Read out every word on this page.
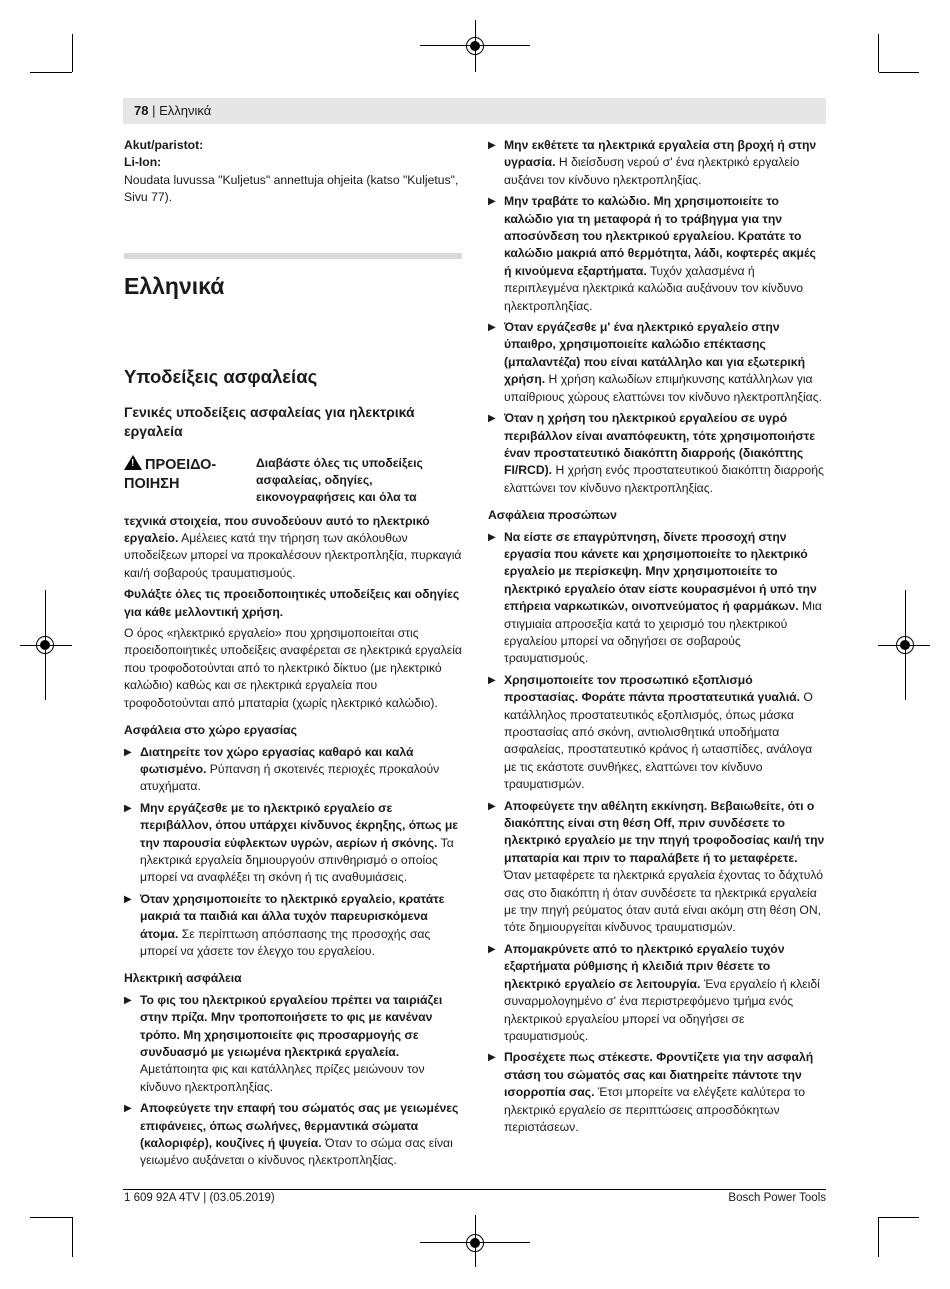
78 | Ελληνικά
Akut/paristot:
Li-Ion:
Noudata luvussa "Kuljetus" annettuja ohjeita (katso "Kuljetus", Sivu 77).
Ελληνικά
Υποδείξεις ασφαλείας
Γενικές υποδείξεις ασφαλείας για ηλεκτρικά εργαλεία
! ΠΡΟΕΙΔΟ-ΠΟΙΗΣΗ
Διαβάστε όλες τις υποδείξεις ασφαλείας, οδηγίες, εικονογραφήσεις και όλα τα
τεχνικά στοιχεία, που συνοδεύουν αυτό το ηλεκτρικό εργαλείο. Αμέλειες κατά την τήρηση των ακόλουθων υποδείξεων μπορεί να προκαλέσουν ηλεκτροπληξία, πυρκαγιά και/ή σοβαρούς τραυματισμούς.
Φυλάξτε όλες τις προειδοποιητικές υποδείξεις και οδηγίες για κάθε μελλοντική χρήση.
Ο όρος «ηλεκτρικό εργαλείο» που χρησιμοποιείται στις προειδοποιητικές υποδείξεις αναφέρεται σε ηλεκτρικά εργαλεία που τροφοδοτούνται από το ηλεκτρικό δίκτυο (με ηλεκτρικό καλώδιο) καθώς και σε ηλεκτρικά εργαλεία που τροφοδοτούνται από μπαταρία (χωρίς ηλεκτρικό καλώδιο).
Ασφάλεια στο χώρο εργασίας
▶ Διατηρείτε τον χώρο εργασίας καθαρό και καλά φωτισμένο. Ρύπανση ή σκοτεινές περιοχές προκαλούν ατυχήματα.
▶ Μην εργάζεσθε με το ηλεκτρικό εργαλείο σε περιβάλλον, όπου υπάρχει κίνδυνος έκρηξης, όπως με την παρουσία εύφλεκτων υγρών, αερίων ή σκόνης. Τα ηλεκτρικά εργαλεία δημιουργούν σπινθηρισμό ο οποίος μπορεί να αναφλέξει τη σκόνη ή τις αναθυμιάσεις.
▶ Όταν χρησιμοποιείτε το ηλεκτρικό εργαλείο, κρατάτε μακριά τα παιδιά και άλλα τυχόν παρευρισκόμενα άτομα. Σε περίπτωση απόσπασης της προσοχής σας μπορεί να χάσετε τον έλεγχο του εργαλείου.
Ηλεκτρική ασφάλεια
▶ Το φις του ηλεκτρικού εργαλείου πρέπει να ταιριάζει στην πρίζα. Μην τροποποιήσετε το φις με κανέναν τρόπο. Μη χρησιμοποιείτε φις προσαρμογής σε συνδυασμό με γειωμένα ηλεκτρικά εργαλεία. Αμετάποιητα φις και κατάλληλες πρίζες μειώνουν τον κίνδυνο ηλεκτροπληξίας.
▶ Αποφεύγετε την επαφή του σώματός σας με γειωμένες επιφάνειες, όπως σωλήνες, θερμαντικά σώματα (καλοριφέρ), κουζίνες ή ψυγεία. Όταν το σώμα σας είναι γειωμένο αυξάνεται ο κίνδυνος ηλεκτροπληξίας.
▶ Μην εκθέτετε τα ηλεκτρικά εργαλεία στη βροχή ή στην υγρασία. Η διείσδυση νερού σ' ένα ηλεκτρικό εργαλείο αυξάνει τον κίνδυνο ηλεκτροπληξίας.
▶ Μην τραβάτε το καλώδιο. Μη χρησιμοποιείτε το καλώδιο για τη μεταφορά ή το τράβηγμα για την αποσύνδεση του ηλεκτρικού εργαλείου. Κρατάτε το καλώδιο μακριά από θερμότητα, λάδι, κοφτερές ακμές ή κινούμενα εξαρτήματα. Τυχόν χαλασμένα ή περιπλεγμένα ηλεκτρικά καλώδια αυξάνουν τον κίνδυνο ηλεκτροπληξίας.
▶ Όταν εργάζεσθε μ' ένα ηλεκτρικό εργαλείο στην ύπαιθρο, χρησιμοποιείτε καλώδιο επέκτασης (μπαλαντέζα) που είναι κατάλληλο και για εξωτερική χρήση. Η χρήση καλωδίων επιμήκυνσης κατάλληλων για υπαίθριους χώρους ελαττώνει τον κίνδυνο ηλεκτροπληξίας.
▶ Όταν η χρήση του ηλεκτρικού εργαλείου σε υγρό περιβάλλον είναι αναπόφευκτη, τότε χρησιμοποιήστε έναν προστατευτικό διακόπτη διαρροής (διακόπτης FI/RCD). Η χρήση ενός προστατευτικού διακόπτη διαρροής ελαττώνει τον κίνδυνο ηλεκτροπληξίας.
Ασφάλεια προσώπων
▶ Να είστε σε επαγρύπνηση, δίνετε προσοχή στην εργασία που κάνετε και χρησιμοποιείτε το ηλεκτρικό εργαλείο με περίσκεψη. Μην χρησιμοποιείτε το ηλεκτρικό εργαλείο όταν είστε κουρασμένοι ή υπό την επήρεια ναρκωτικών, οινοπνεύματος ή φαρμάκων. Μια στιγμιαία απροσεξία κατά το χειρισμό του ηλεκτρικού εργαλείου μπορεί να οδηγήσει σε σοβαρούς τραυματισμούς.
▶ Χρησιμοποιείτε τον προσωπικό εξοπλισμό προστασίας. Φοράτε πάντα προστατευτικά γυαλιά. Ο κατάλληλος προστατευτικός εξοπλισμός, όπως μάσκα προστασίας από σκόνη, αντιολισθητικά υποδήματα ασφαλείας, προστατευτικό κράνος ή ωτασπίδες, ανάλογα με τις εκάστοτε συνθήκες, ελαττώνει τον κίνδυνο τραυματισμών.
▶ Αποφεύγετε την αθέλητη εκκίνηση. Βεβαιωθείτε, ότι ο διακόπτης είναι στη θέση Off, πριν συνδέσετε το ηλεκτρικό εργαλείο με την πηγή τροφοδοσίας και/ή την μπαταρία και πριν το παραλάβετε ή το μεταφέρετε. Όταν μεταφέρετε τα ηλεκτρικά εργαλεία έχοντας το δάχτυλό σας στο διακόπτη ή όταν συνδέσετε τα ηλεκτρικά εργαλεία με την πηγή ρεύματος όταν αυτά είναι ακόμη στη θέση ON, τότε δημιουργείται κίνδυνος τραυματισμών.
▶ Απομακρύνετε από το ηλεκτρικό εργαλείο τυχόν εξαρτήματα ρύθμισης ή κλειδιά πριν θέσετε το ηλεκτρικό εργαλείο σε λειτουργία. Ένα εργαλείο ή κλειδί συναρμολογημένο σ' ένα περιστρεφόμενο τμήμα ενός ηλεκτρικού εργαλείου μπορεί να οδηγήσει σε τραυματισμούς.
▶ Προσέχετε πως στέκεστε. Φροντίζετε για την ασφαλή στάση του σώματός σας και διατηρείτε πάντοτε την ισορροπία σας. Έτσι μπορείτε να ελέγξετε καλύτερα το ηλεκτρικό εργαλείο σε περιπτώσεις απροσδόκητων περιστάσεων.
1 609 92A 4TV | (03.05.2019)	Bosch Power Tools
